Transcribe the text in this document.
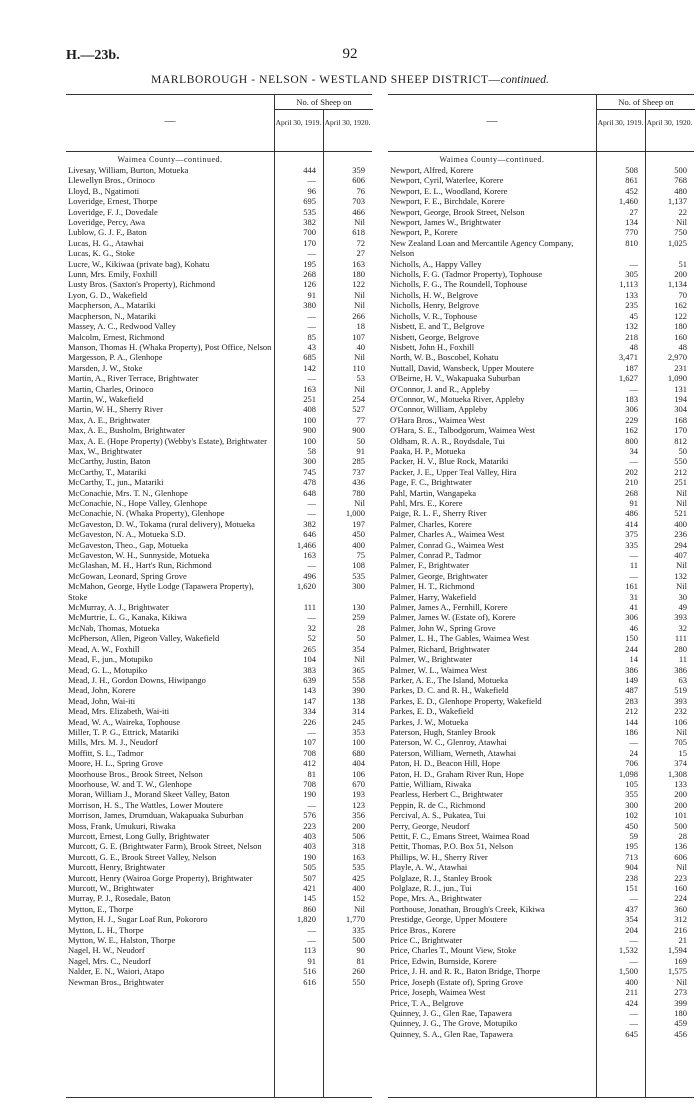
H.—23b.	92
MARLBOROUGH - NELSON - WESTLAND SHEEP DISTRICT—continued.
—
No. of Sheep on
April 30, 1919. April 30, 1920.
Waimea County—continued.
Livesay, William, Burton, Motueka	444	359
Llewellyn Bros., Orinoco	—	606
Lloyd, B., Ngatimoti	96	76
Loveridge, Ernest, Thorpe	695	703
Loveridge, F. J., Dovedale	535	466
Loveridge, Percy, Awa	382	Nil
Lublow, G. J. F., Baton	700	618
Lucas, H. G., Atawhai	170	72
Lucas, K. G., Stoke	—	27
Lucre, W., Kikiwaa (private bag), Kohatu	195	163
Lunn, Mrs. Emily, Foxhill	268	180
Lusty Bros. (Saxton's Property), Richmond	126	122
Lyon, G. D., Wakefield	91	Nil
Macpherson, A., Matariki	380	Nil
Macpherson, N., Matariki	—	266
Massey, A. C., Redwood Valley	—	18
Malcolm, Ernest, Richmond	85	107
Manson, Thomas H. (Whaka Property), Post Office, Nelson	43	40
Margesson, P. A., Glenhope	685	Nil
Marsden, J. W., Stoke	142	110
Martin, A., River Terrace, Brightwater	—	53
Martin, Charles, Orinoco	163	Nil
Martin, W., Wakefield	251	254
Martin, W. H., Sherry River	408	527
Max, A. E., Brightwater	100	77
Max, A. E., Busholm, Brightwater	900	900
Max, A. E. (Hope Property) (Webby's Estate), Brightwater	100	50
Max, W., Brightwater	58	91
McCarthy, Justin, Baton	300	285
McCarthy, T., Matariki	745	737
McCarthy, T., jun., Matariki	478	436
McConachie, Mrs. T. N., Glenhope	648	780
McConachie, N., Hope Valley, Glenhope	—	Nil
McConachie, N. (Whaka Property), Glenhope	—	1,000
McGaveston, D. W., Tokama (rural delivery), Motueka	382	197
McGaveston, N. A., Motueka S.D.	646	450
McGaveston, Theo., Gap, Motueka	1,466	400
McGaveston, W. H., Sunnyside, Motueka	163	75
McGlashan, M. H., Hart's Run, Richmond	—	108
McGowan, Leonard, Spring Grove	496	535
McMahon, George, Hytle Lodge (Tapawera Property), Stoke
1,620	300
McMurray, A. J., Brightwater	111	130
McMurtrie, L. G., Kanaka, Kikiwa	—	259
McNab, Thomas, Motueka	32	28
McPherson, Allen, Pigeon Valley, Wakefield	52	50
Mead, A. W., Foxhill	265	354
Mead, F., jun., Motupiko	104	Nil
Mead, G. L., Motupiko	383	365
Mead, J. H., Gordon Downs, Hiwipango	639	558
Mead, John, Korere	143	390
Mead, John, Wai-iti	147	138
Mead, Mrs. Elizabeth, Wai-iti	334	314
Mead, W. A., Waireka, Tophouse	226	245
Miller, T. P. G., Ettrick, Matariki	—	353
Mills, Mrs. M. J., Neudorf	107	100
Moffitt, S. L., Tadmor	708	680
Moore, H. L., Spring Grove	412	404
Moorhouse Bros., Brook Street, Nelson	81	106
Moorhouse, W. and T. W., Glenhope	708	670
Moran, William J., Morand Skeet Valley, Baton	190	193
Morrison, H. S., The Wattles, Lower Moutere	—	123
Morrison, James, Drumduan, Wakapuaka Suburban	576	356
Moss, Frank, Umukuri, Riwaka	223	200
Murcott, Ernest, Long Gully, Brightwater	403	506
Murcott, G. E. (Brightwater Farm), Brook Street, Nelson	403	318
Murcott, G. E., Brook Street Valley, Nelson	190	163
Murcott, Henry, Brightwater	505	535
Murcott, Henry (Wairoa Gorge Property), Brightwater	507	425
Murcott, W., Brightwater	421	400
Murray, P. J., Rosedale, Baton	145	152
Mytton, E., Thorpe	860	Nil
Mytton, H. J., Sugar Loaf Run, Pokororo	1,820	1,770
Mytton, L. H., Thorpe	—	335
Mytton, W. E., Halston, Thorpe	—	500
Nagel, H. W., Neudorf	113	90
Nagel, Mrs. C., Neudorf	91	81
Nalder, E. N., Waiori, Atapo	516	260
Newman Bros., Brightwater	616	550
—
No. of Sheep on
April 30, 1919. April 30, 1920.
Waimea County—continued.
Newport, Alfred, Korere	508	500
Newport, Cyril, Waterlee, Korere	861	768
Newport, E. L., Woodland, Korere	452	480
Newport, F. E., Birchdale, Korere	1,460	1,137
Newport, George, Brook Street, Nelson	27	22
Newport, James W., Brightwater	134	Nil
Newport, P., Korere	770	750
New Zealand Loan and Mercantile Agency Company, Nelson
810	1,025
Nicholls, A., Happy Valley	—	51
Nicholls, F. G. (Tadmor Property), Tophouse	305	200
Nicholls, F. G., The Roundell, Tophouse	1,113	1,134
Nicholls, H. W., Belgrove	133	70
Nicholls, Henry, Belgrove	235	162
Nicholls, V. R., Tophouse	45	122
Nisbett, E. and T., Belgrove	132	180
Nisbett, George, Belgrove	218	160
Nisbett, John H., Foxhill	48	48
North, W. B., Boscobel, Kohatu	3,471	2,970
Nuttall, David, Wansbeck, Upper Moutere	187	231
O'Beirne, H. V., Wakapuaka Suburban	1,627	1,090
O'Connor, J. and R., Appleby	—	131
O'Connor, W., Motueka River, Appleby	183	194
O'Connor, William, Appleby	306	304
O'Hara Bros., Waimea West	229	168
O'Hara, S. E., Talbodgorum, Waimea West	162	170
Oldham, R. A. R., Roydsdale, Tui	800	812
Paaka, H. P., Motueka	34	50
Packer, H. V., Blue Rock, Matariki	—	550
Packer, J. E., Upper Teal Valley, Hira	202	212
Page, F. C., Brightwater	210	251
Pahl, Martin, Wangapeka	268	Nil
Pahl, Mrs. E., Korere	91	Nil
Paige, R. L. F., Sherry River	486	521
Palmer, Charles, Korere	414	400
Palmer, Charles A., Waimea West	375	236
Palmer, Conrad G., Waimea West	335	294
Palmer, Conrad P., Tadmor	—	407
Palmer, F., Brightwater	11	Nil
Palmer, George, Brightwater	—	132
Palmer, H. T., Richmond	161	Nil
Palmer, Harry, Wakefield	31	30
Palmer, James A., Fernhill, Korere	41	49
Palmer, James W. (Estate of), Korere	306	393
Palmer, John W., Spring Grove	46	32
Palmer, L. H., The Gables, Waimea West	150	111
Palmer, Richard, Brightwater	244	280
Palmer, W., Brightwater	14	11
Palmer, W. L., Waimea West	386	386
Parker, A. E., The Island, Motueka	149	63
Parkes, D. C. and R. H., Wakefield	487	519
Parkes, E. D., Glenhope Property, Wakefield	283	393
Parkes, E. D., Wakefield	212	232
Parkes, J. W., Motueka	144	106
Paterson, Hugh, Stanley Brook	186	Nil
Paterson, W. C., Glenroy, Atawhai	—	705
Paterson, William, Werneth, Atawhai	24	15
Paton, H. D., Beacon Hill, Hope	706	374
Paton, H. D., Graham River Run, Hope	1,098	1,308
Pattie, William, Riwaka	105	133
Pearless, Herbert C., Brightwater	355	200
Peppin, R. de C., Richmond	300	200
Percival, A. S., Pukatea, Tui	102	101
Perry, George, Neudorf	450	500
Pettit, F. C., Emans Street, Waimea Road	59	28
Pettit, Thomas, P.O. Box 51, Nelson	195	136
Phillips, W. H., Sherry River	713	606
Playle, A. W., Atawhai	904	Nil
Polglaze, R. J., Stanley Brook	238	223
Polglaze, R. J., jun., Tui	151	160
Pope, Mrs. A., Brightwater	—	224
Porthouse, Jonathan, Brough's Creek, Kikiwa	437	360
Prestidge, George, Upper Moutere	354	312
Price Bros., Korere	204	216
Price C., Brightwater	—	21
Price, Charles T., Mount View, Stoke	1,532	1,594
Price, Edwin, Burnside, Korere	—	169
Price, J. H. and R. R., Baton Bridge, Thorpe	1,500	1,575
Price, Joseph (Estate of), Spring Grove	400	Nil
Price, Joseph, Waimea West	211	273
Price, T. A., Belgrove	424	399
Quinney, J. G., Glen Rae, Tapawera	—	180
Quinney, J. G., The Grove, Motupiko	—	459
Quinney, S. A., Glen Rae, Tapawera	645	456
